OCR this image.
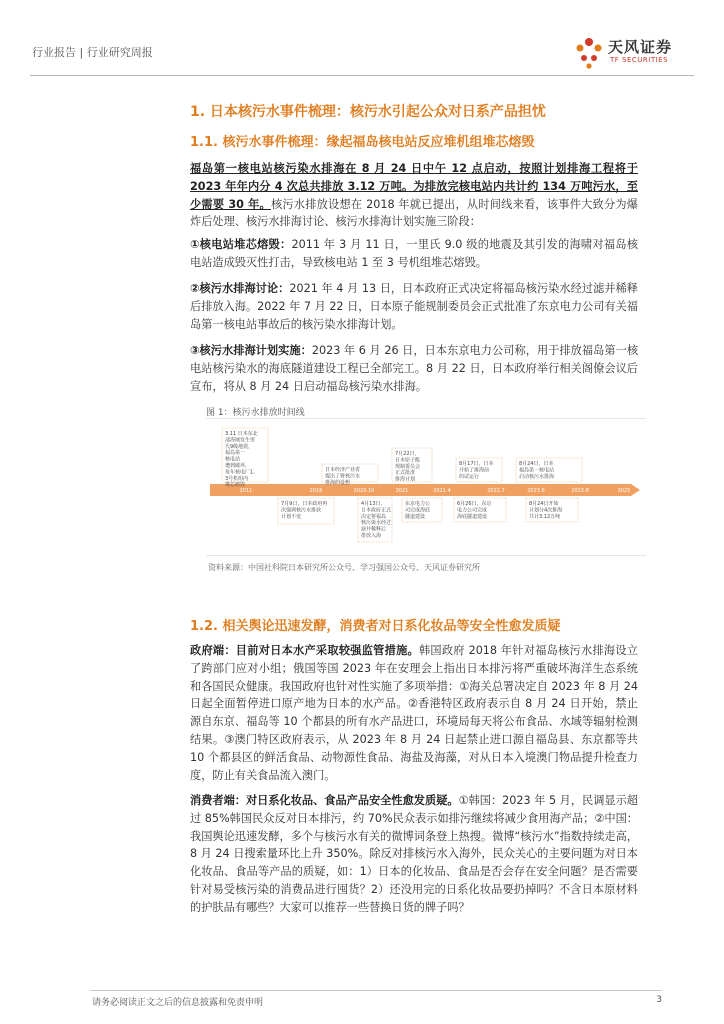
行业报告 | 行业研究周报	天风证券
TF SECURITIES
1. 日本核污水事件梳理：核污水引起公众对日系产品担忧
1.1. 核污水事件梳理：缘起福岛核电站反应堆机组堆芯熔毁
福岛第一核电站核污染水排海在 8 月 24 日中午 12 点启动，按照计划排海工程将于 2023 年年内分 4 次总共排放 3.12 万吨。为排放完核电站内共计约 134 万吨污水，至少需要 30 年。核污水排放设想在 2018 年就已提出，从时间线来看，该事件大致分为爆炸后处理、核污水排海讨论、核污水排海计划实施三阶段：
①核电站堆芯熔毁：2011 年 3 月 11 日，一里氏 9.0 级的地震及其引发的海啸对福岛核电站造成毁灭性打击，导致核电站 1 至 3 号机组堆芯熔毁。
②核污水排海讨论：2021 年 4 月 13 日，日本政府正式决定将福岛核污染水经过滤并稀释后排放入海。2022 年 7 月 22 日，日本原子能规制委员会正式批准了东京电力公司有关福岛第一核电站事故后的核污染水排海计划。
③核污水排海计划实施：2023 年 6 月 26 日，日本东京电力公司称，用于排放福岛第一核电站核污染水的海底隧道建设工程已全部完工。8 月 22 日，日本政府举行相关阁僚会议后宣布，将从 8 月 24 日启动福岛核污染水排海。
图 1：核污水排放时间线
2011	2018	2020.10	2021	2021.4	2022.7	2023.6	2023.8	2025
3.11 日本东北
部海域发生里
氏9级地震，
福岛第一
核电站
遭到破坏，
每年核电厂1、
3号机组内
堆芯熔毁
日本经济产业省
提出了将核污水
排海的设想
7月22日，
日本原子能
规制委员会
正式批准
排海计划
8月17日，日本
开始了排海前
的试运行
8月24日，日本
福岛第一核电站
启动核污水排海
7月9日，日本政府再
次强调核污水排放
计划不变
4月13日，
日本政府正式
决定将福岛
核污染水经过
滤并稀释后
排放入海
东京电力公
司完成海底
隧道建设
6月26日，东京
电力公司完成
海底隧道建设
8月24日开始
计划分4次排海
共计3.12万吨
资料来源：中国社科院日本研究所公众号、学习强国公众号、天风证券研究所
1.2. 相关舆论迅速发酵，消费者对日系化妆品等安全性愈发质疑
政府端：目前对日本水产采取较强监管措施。韩国政府 2018 年针对福岛核污水排海设立了跨部门应对小组；俄国等国 2023 年在安理会上指出日本排污将严重破坏海洋生态系统和各国民众健康。我国政府也针对性实施了多项举措：①海关总署决定自 2023 年 8 月 24 日起全面暂停进口原产地为日本的水产品。②香港特区政府表示自 8 月 24 日开始，禁止源自东京、福岛等 10 个都县的所有水产品进口，环境局每天将公布食品、水域等辐射检测结果。③澳门特区政府表示，从 2023 年 8 月 24 日起禁止进口源自福岛县、东京都等共 10 个都县区的鲜活食品、动物源性食品、海盐及海藻，对从日本入境澳门物品提升检查力度，防止有关食品流入澳门。
消费者端：对日系化妆品、食品产品安全性愈发质疑。①韩国：2023 年 5 月，民调显示超过 85%韩国民众反对日本排污，约 70%民众表示如排污继续将减少食用海产品；②中国：我国舆论迅速发酵，多个与核污水有关的微博词条登上热搜。微博“核污水”指数持续走高，8 月 24 日搜索量环比上升 350%。除反对排核污水入海外，民众关心的主要问题为对日本化妆品、食品等产品的质疑，如：1）日本的化妆品、食品是否会存在安全问题？是否需要针对易受核污染的消费品进行囤货？2）还没用完的日系化妆品要扔掉吗？不含日本原材料的护肤品有哪些？大家可以推荐一些替换日货的牌子吗？
请务必阅读正文之后的信息披露和免责申明	3
